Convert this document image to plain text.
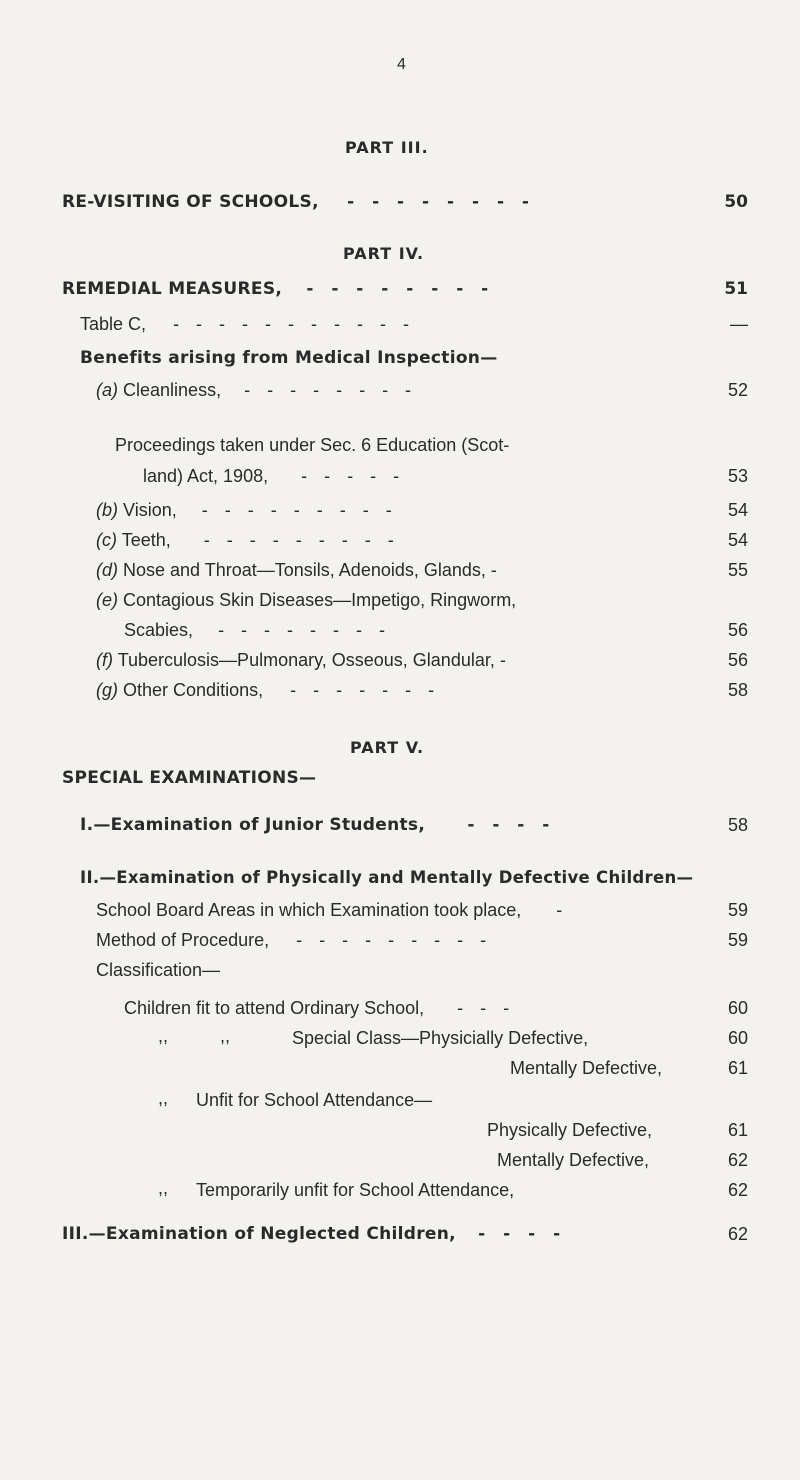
4
PART III.
RE-VISITING OF SCHOOLS, - - - - - - - -	50
PART IV.
REMEDIAL MEASURES, - - - - - - - -	51
Table C, - - - - - - - - - - -	—
Benefits arising from Medical Inspection—
(a) Cleanliness, - - - - - - - -	52
Proceedings taken under Sec. 6 Education (Scot-
land) Act, 1908, - - - - -	53
(b) Vision, - - - - - - - - -	54
(c) Teeth, - - - - - - - - -	54
(d) Nose and Throat—Tonsils, Adenoids, Glands, -	55
(e) Contagious Skin Diseases—Impetigo, Ringworm,
Scabies, - - - - - - - -	56
(f) Tuberculosis—Pulmonary, Osseous, Glandular, -	56
(g) Other Conditions, - - - - - - -	58
PART V.
SPECIAL EXAMINATIONS—
I.—Examination of Junior Students, - - - -	58
II.—Examination of Physically and Mentally Defective Children—
School Board Areas in which Examination took place, -	59
Method of Procedure, - - - - - - - - -	59
Classification—
Children fit to attend Ordinary School, - - -	60
,,	,,	Special Class—Physicially Defective,	60
Mentally Defective,	61
,, Unfit for School Attendance—
Physically Defective,	61
Mentally Defective,	62
,, Temporarily unfit for School Attendance,	62
III.—Examination of Neglected Children, - - - -	62
